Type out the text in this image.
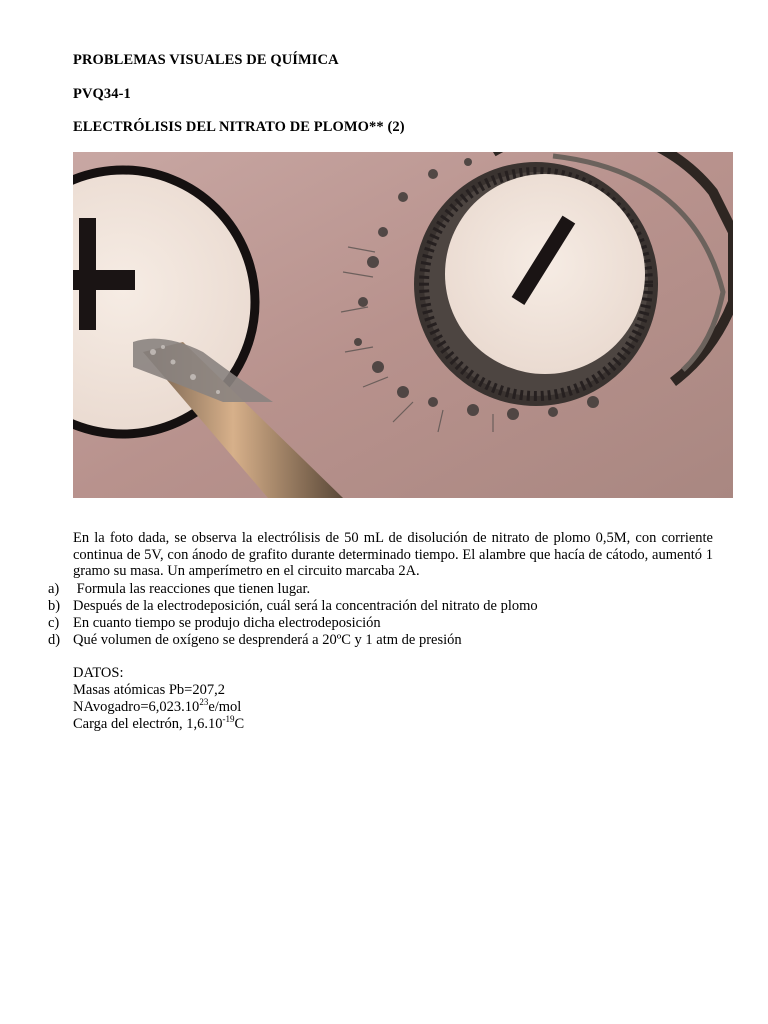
PROBLEMAS VISUALES DE QUÍMICA
PVQ34-1
ELECTRÓLISIS DEL NITRATO DE PLOMO** (2)
En la foto dada, se observa la electrólisis de 50 mL de disolución de nitrato de plomo 0,5M, con corriente continua de 5V, con ánodo de grafito durante determinado tiempo. El alambre que hacía de cátodo, aumentó 1 gramo su masa. Un amperímetro en el circuito marcaba 2A.
a) Formula las reacciones que tienen lugar.
b) Después de la electrodeposición, cuál será la concentración del nitrato de plomo
c) En cuanto tiempo se produjo dicha electrodeposición
d) Qué volumen de oxígeno se desprenderá a 20ºC y 1 atm de presión
DATOS:
Masas atómicas Pb=207,2
$NAvogadro=6,023.10^{23}e$/mol
Carga del electrón, $1,6.10^{-19}C$
